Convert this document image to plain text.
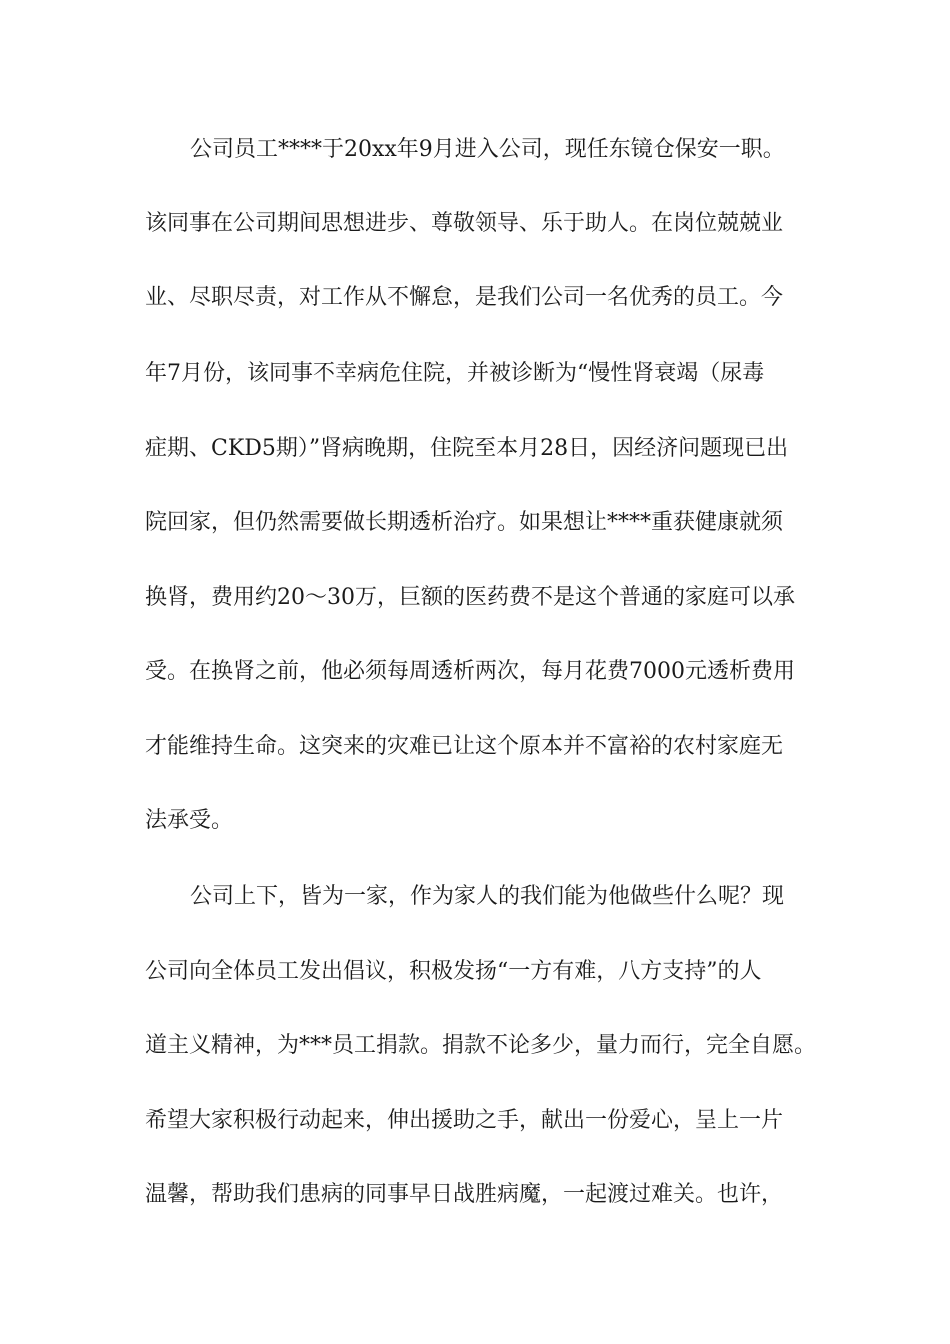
公司员工****于20xx年9月进入公司，现任东镜仓保安一职。
该同事在公司期间思想进步、尊敬领导、乐于助人。在岗位兢兢业
业、尽职尽责，对工作从不懈怠，是我们公司一名优秀的员工。今
年7月份，该同事不幸病危住院，并被诊断为“慢性肾衰竭（尿毒
症期、CKD5期）”肾病晚期，住院至本月28日，因经济问题现已出
院回家，但仍然需要做长期透析治疗。如果想让****重获健康就须
换肾，费用约20～30万，巨额的医药费不是这个普通的家庭可以承
受。在换肾之前，他必须每周透析两次，每月花费7000元透析费用
才能维持生命。这突来的灾难已让这个原本并不富裕的农村家庭无
法承受。
公司上下，皆为一家，作为家人的我们能为他做些什么呢？现
公司向全体员工发出倡议，积极发扬“一方有难，八方支持”的人
道主义精神，为***员工捐款。捐款不论多少，量力而行，完全自愿。
希望大家积极行动起来，伸出援助之手，献出一份爱心，呈上一片
温馨，帮助我们患病的同事早日战胜病魔，一起渡过难关。也许，
